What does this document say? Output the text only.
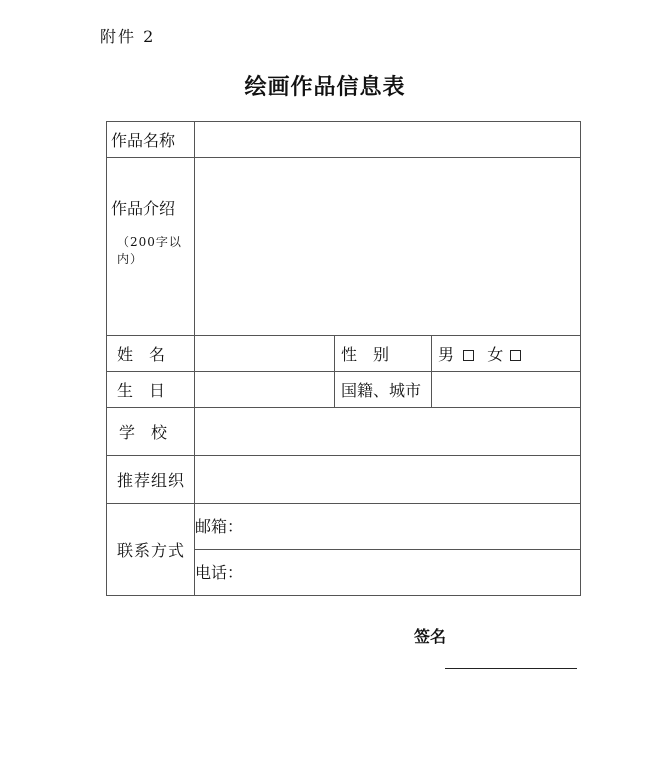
附件 2
绘画作品信息表
作品名称			

作品介绍
（200字以内）			

姓　名		性　别	男 女
生　日		国籍、城市	
学　校			
推荐组织			
联系方式	邮箱：		
	电话：		
签名
